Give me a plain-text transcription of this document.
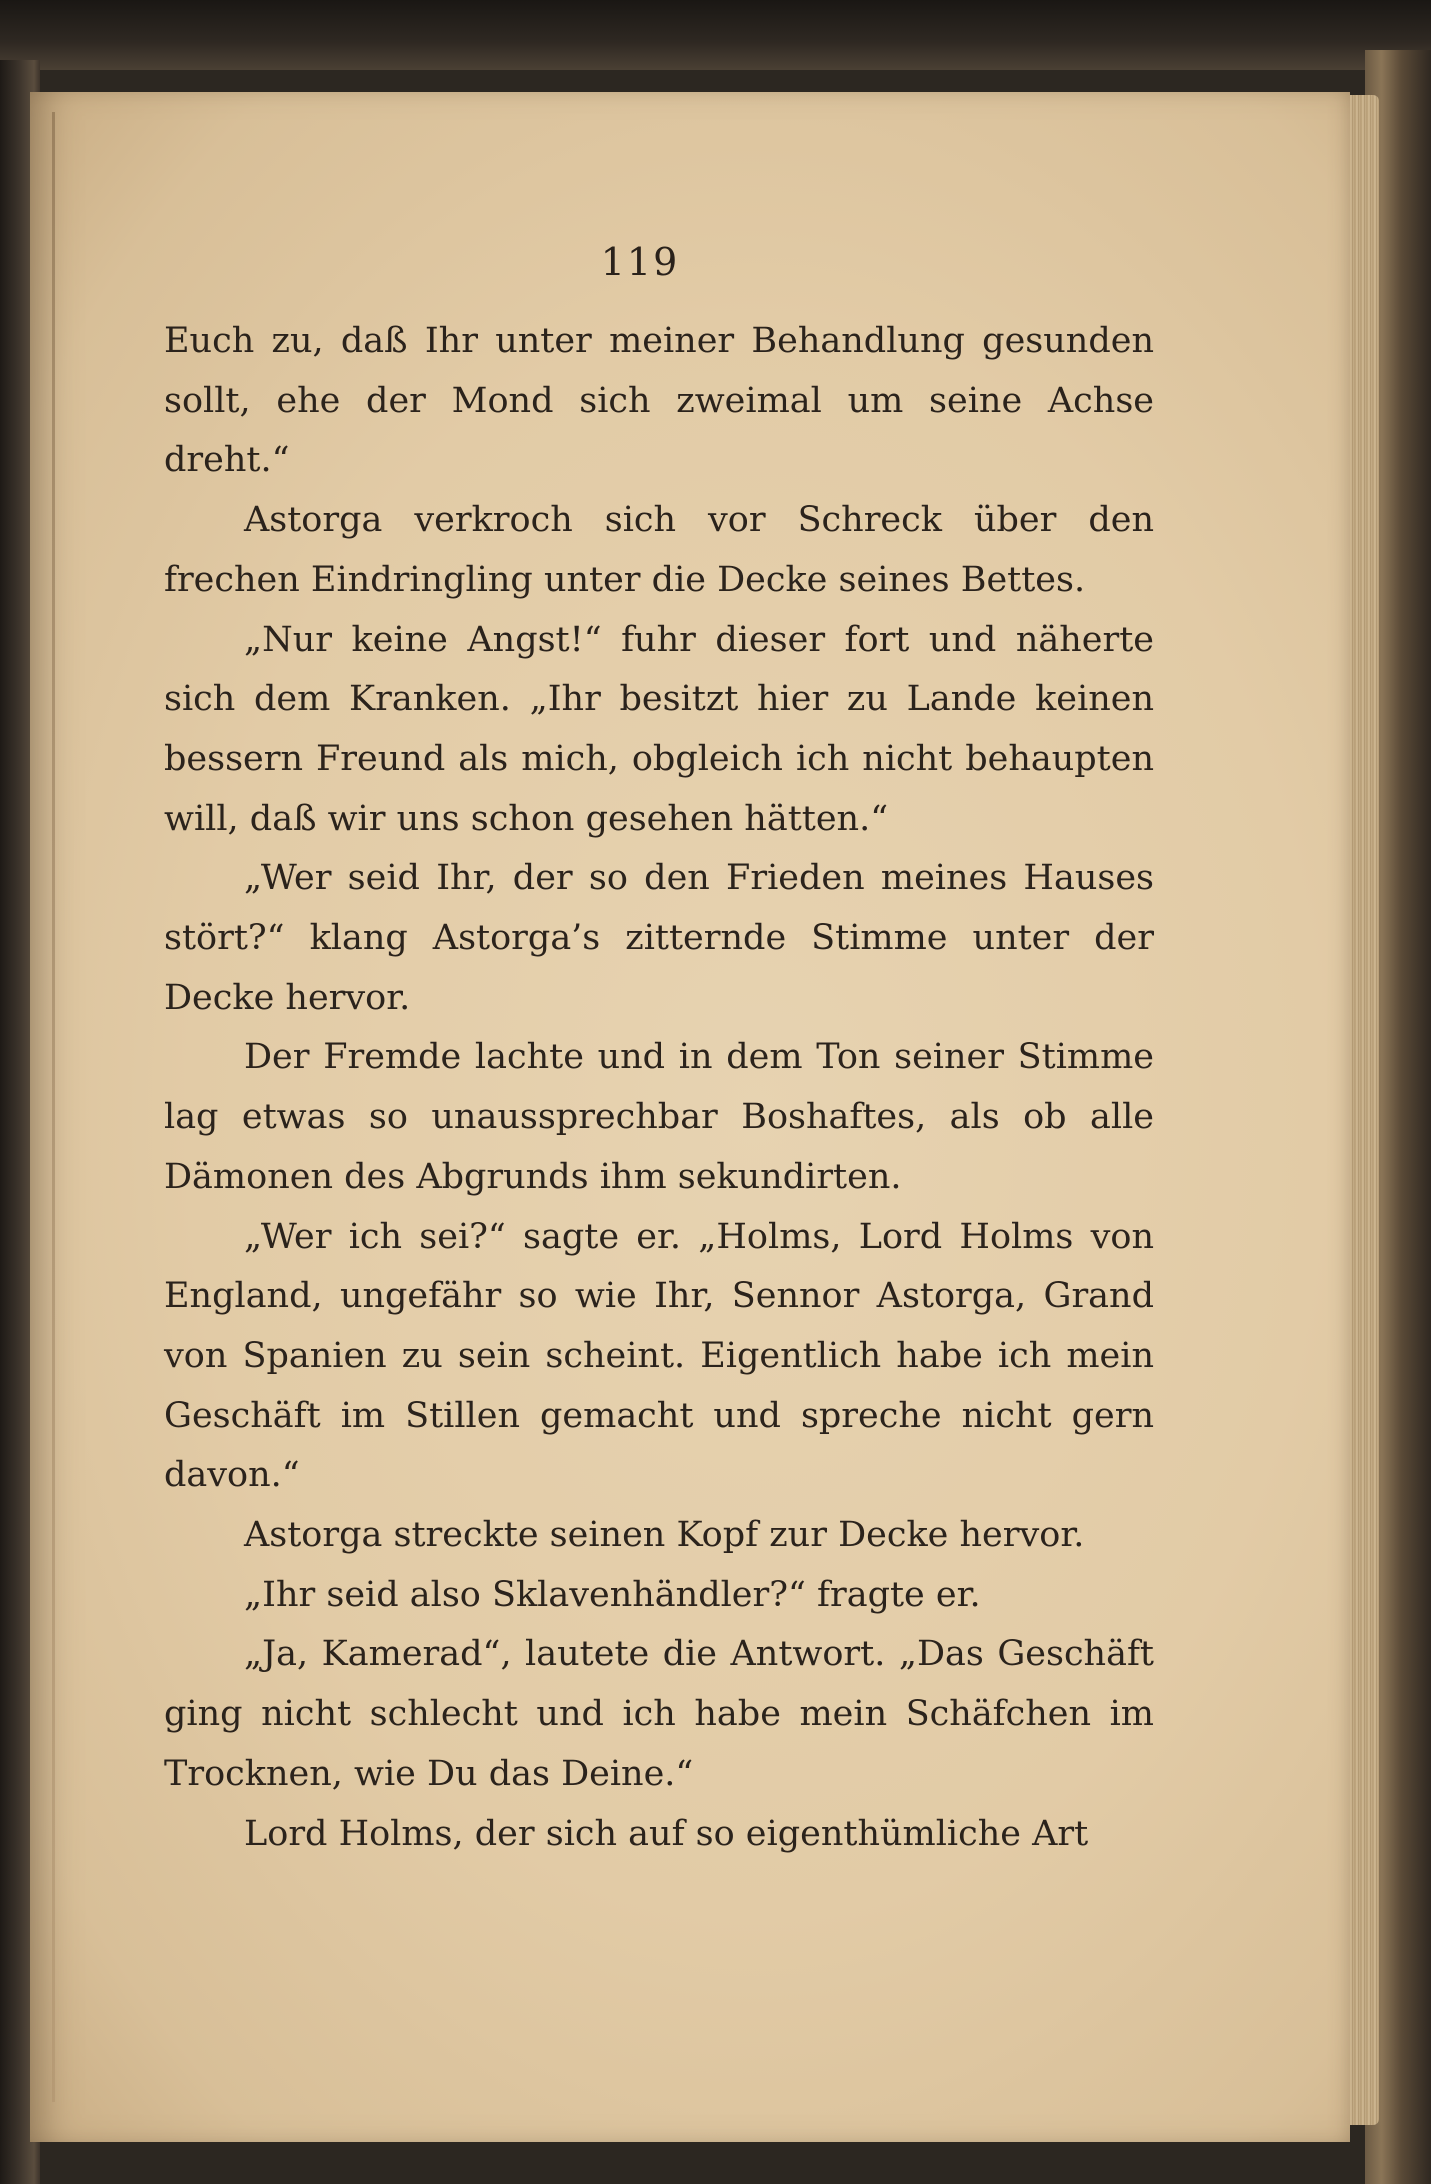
119

Euch zu, daß Ihr unter meiner Behandlung gesunden sollt, ehe der Mond sich zweimal um seine Achse dreht.“

Astorga verkroch sich vor Schreck über den frechen Eindringling unter die Decke seines Bettes.

„Nur keine Angst!“ fuhr dieser fort und näherte sich dem Kranken. „Ihr besitzt hier zu Lande keinen bessern Freund als mich, obgleich ich nicht behaupten will, daß wir uns schon gesehen hätten.“

„Wer seid Ihr, der so den Frieden meines Hauses stört?“ klang Astorga’s zitternde Stimme unter der Decke hervor.

Der Fremde lachte und in dem Ton seiner Stimme lag etwas so unaussprechbar Boshaftes, als ob alle Dämonen des Abgrunds ihm sekundirten.

„Wer ich sei?“ sagte er. „Holms, Lord Holms von England, ungefähr so wie Ihr, Sennor Astorga, Grand von Spanien zu sein scheint. Eigentlich habe ich mein Geschäft im Stillen gemacht und spreche nicht gern davon.“

Astorga streckte seinen Kopf zur Decke hervor.

„Ihr seid also Sklavenhändler?“ fragte er.

„Ja, Kamerad“, lautete die Antwort. „Das Geschäft ging nicht schlecht und ich habe mein Schäfchen im Trocknen, wie Du das Deine.“

Lord Holms, der sich auf so eigenthümliche Art
